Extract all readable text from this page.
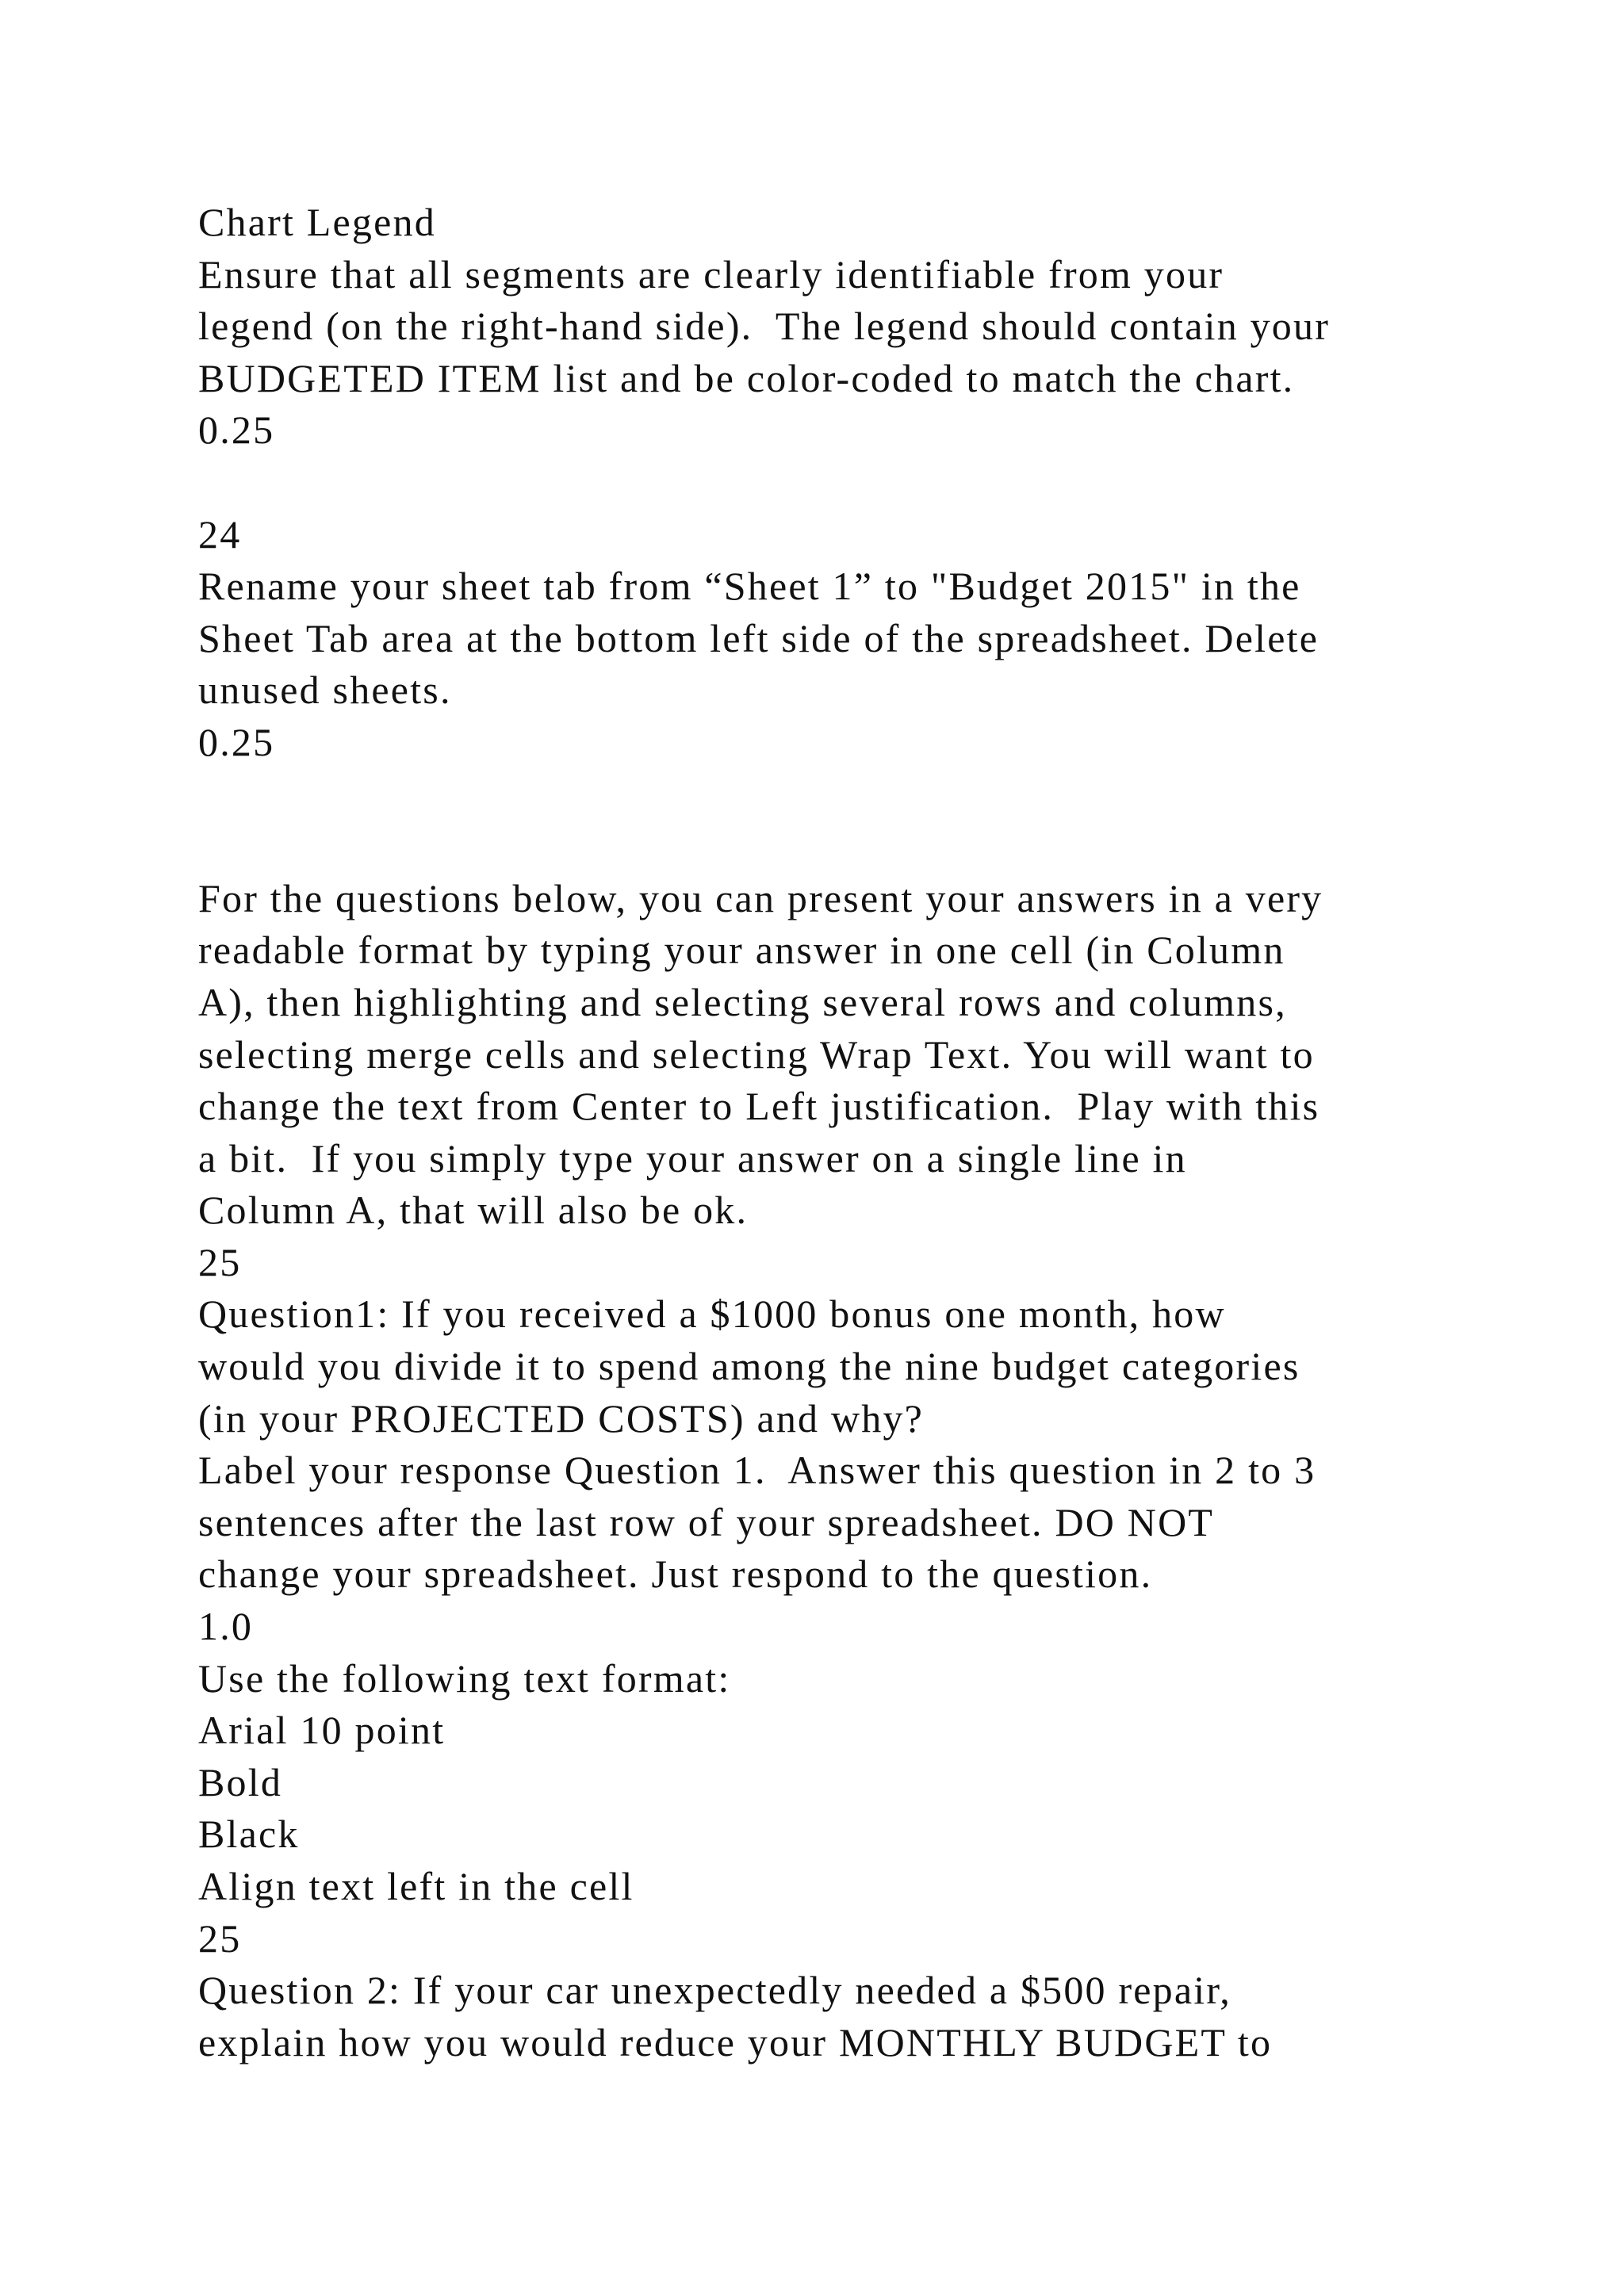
Chart Legend
Ensure that all segments are clearly identifiable from your
legend (on the right-hand side).  The legend should contain your
BUDGETED ITEM list and be color-coded to match the chart.
0.25
24
Rename your sheet tab from “Sheet 1” to "Budget 2015" in the
Sheet Tab area at the bottom left side of the spreadsheet. Delete
unused sheets.
0.25
For the questions below, you can present your answers in a very
readable format by typing your answer in one cell (in Column
A), then highlighting and selecting several rows and columns,
selecting merge cells and selecting Wrap Text. You will want to
change the text from Center to Left justification.  Play with this
a bit.  If you simply type your answer on a single line in
Column A, that will also be ok.
25
Question1: If you received a $1000 bonus one month, how
would you divide it to spend among the nine budget categories
(in your PROJECTED COSTS) and why?
Label your response Question 1.  Answer this question in 2 to 3
sentences after the last row of your spreadsheet. DO NOT
change your spreadsheet. Just respond to the question.
1.0
Use the following text format:
Arial 10 point
Bold
Black
Align text left in the cell
25
Question 2: If your car unexpectedly needed a $500 repair,
explain how you would reduce your MONTHLY BUDGET to
